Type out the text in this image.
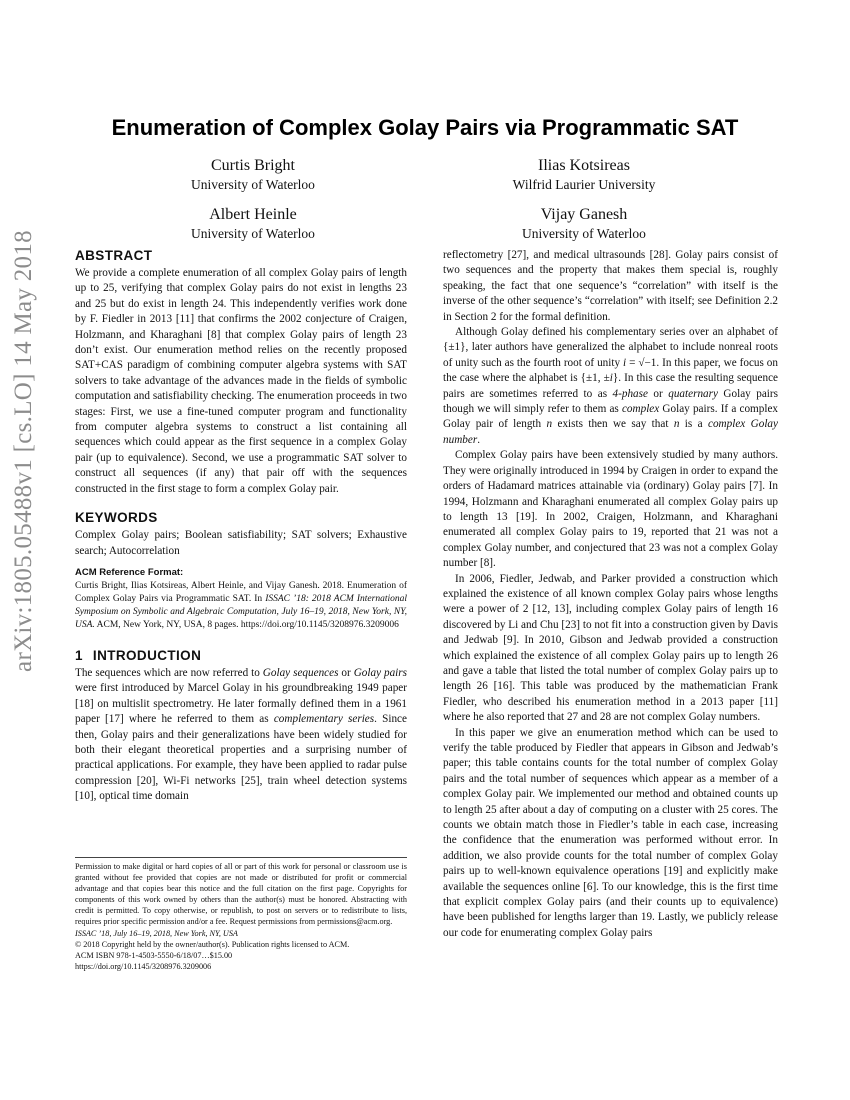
arXiv:1805.05488v1 [cs.LO] 14 May 2018
Enumeration of Complex Golay Pairs via Programmatic SAT
Curtis Bright
University of Waterloo
Ilias Kotsireas
Wilfrid Laurier University
Albert Heinle
University of Waterloo
Vijay Ganesh
University of Waterloo
ABSTRACT

We provide a complete enumeration of all complex Golay pairs of length up to 25, verifying that complex Golay pairs do not exist in lengths 23 and 25 but do exist in length 24. This independently verifies work done by F. Fiedler in 2013 [11] that confirms the 2002 conjecture of Craigen, Holzmann, and Kharaghani [8] that complex Golay pairs of length 23 don’t exist. Our enumeration method relies on the recently proposed SAT+CAS paradigm of combining computer algebra systems with SAT solvers to take advantage of the advances made in the fields of symbolic computation and satisfiability checking. The enumeration proceeds in two stages: First, we use a fine-tuned computer program and functionality from computer algebra systems to construct a list containing all sequences which could appear as the first sequence in a complex Golay pair (up to equivalence). Second, we use a programmatic SAT solver to construct all sequences (if any) that pair off with the sequences constructed in the first stage to form a complex Golay pair.

KEYWORDS

Complex Golay pairs; Boolean satisfiability; SAT solvers; Exhaustive search; Autocorrelation

ACM Reference Format:

Curtis Bright, Ilias Kotsireas, Albert Heinle, and Vijay Ganesh. 2018. Enumeration of Complex Golay Pairs via Programmatic SAT. In ISSAC ’18: 2018 ACM International Symposium on Symbolic and Algebraic Computation, July 16–19, 2018, New York, NY, USA. ACM, New York, NY, USA, 8 pages. https://doi.org/10.1145/3208976.3209006

1 INTRODUCTION

The sequences which are now referred to Golay sequences or Golay pairs were first introduced by Marcel Golay in his groundbreaking 1949 paper [18] on multislit spectrometry. He later formally defined them in a 1961 paper [17] where he referred to them as complementary series. Since then, Golay pairs and their generalizations have been widely studied for both their elegant theoretical properties and a surprising number of practical applications. For example, they have been applied to radar pulse compression [20], Wi-Fi networks [25], train wheel detection systems [10], optical time domain

Permission to make digital or hard copies of all or part of this work for personal or classroom use is granted without fee provided that copies are not made or distributed for profit or commercial advantage and that copies bear this notice and the full citation on the first page. Copyrights for components of this work owned by others than the author(s) must be honored. Abstracting with credit is permitted. To copy otherwise, or republish, to post on servers or to redistribute to lists, requires prior specific permission and/or a fee. Request permissions from permissions@acm.org.

ISSAC ’18, July 16–19, 2018, New York, NY, USA

© 2018 Copyright held by the owner/author(s). Publication rights licensed to ACM.

ACM ISBN 978-1-4503-5550-6/18/07…$15.00

https://doi.org/10.1145/3208976.3209006

reflectometry [27], and medical ultrasounds [28]. Golay pairs consist of two sequences and the property that makes them special is, roughly speaking, the fact that one sequence’s “correlation” with itself is the inverse of the other sequence’s “correlation” with itself; see Definition 2.2 in Section 2 for the formal definition.

Although Golay defined his complementary series over an alphabet of {±1}, later authors have generalized the alphabet to include nonreal roots of unity such as the fourth root of unity i = √−1. In this paper, we focus on the case where the alphabet is {±1, ±i}. In this case the resulting sequence pairs are sometimes referred to as 4-phase or quaternary Golay pairs though we will simply refer to them as complex Golay pairs. If a complex Golay pair of length n exists then we say that n is a complex Golay number.

Complex Golay pairs have been extensively studied by many authors. They were originally introduced in 1994 by Craigen in order to expand the orders of Hadamard matrices attainable via (ordinary) Golay pairs [7]. In 1994, Holzmann and Kharaghani enumerated all complex Golay pairs up to length 13 [19]. In 2002, Craigen, Holzmann, and Kharaghani enumerated all complex Golay pairs to 19, reported that 21 was not a complex Golay number, and conjectured that 23 was not a complex Golay number [8].

In 2006, Fiedler, Jedwab, and Parker provided a construction which explained the existence of all known complex Golay pairs whose lengths were a power of 2 [12, 13], including complex Golay pairs of length 16 discovered by Li and Chu [23] to not fit into a construction given by Davis and Jedwab [9]. In 2010, Gibson and Jedwab provided a construction which explained the existence of all complex Golay pairs up to length 26 and gave a table that listed the total number of complex Golay pairs up to length 26 [16]. This table was produced by the mathematician Frank Fiedler, who described his enumeration method in a 2013 paper [11] where he also reported that 27 and 28 are not complex Golay numbers.

In this paper we give an enumeration method which can be used to verify the table produced by Fiedler that appears in Gibson and Jedwab’s paper; this table contains counts for the total number of complex Golay pairs and the total number of sequences which appear as a member of a complex Golay pair. We implemented our method and obtained counts up to length 25 after about a day of computing on a cluster with 25 cores. The counts we obtain match those in Fiedler’s table in each case, increasing the confidence that the enumeration was performed without error. In addition, we also provide counts for the total number of complex Golay pairs up to well-known equivalence operations [19] and explicitly make available the sequences online [6]. To our knowledge, this is the first time that explicit complex Golay pairs (and their counts up to equivalence) have been published for lengths larger than 19. Lastly, we publicly release our code for enumerating complex Golay pairs
